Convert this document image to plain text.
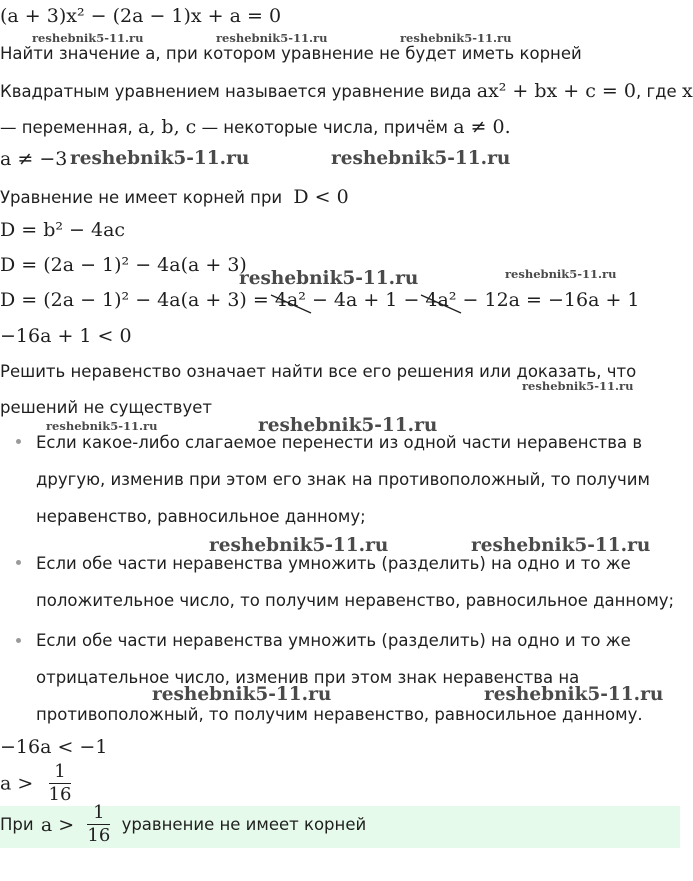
(a + 3)x² − (2a − 1)x + a = 0
Найти значение a, при котором уравнение не будет иметь корней
Квадратным уравнением называется уравнение вида ax² + bx + c = 0, где x
— переменная, a, b, c — некоторые числа, причём a ≠ 0.
a ≠ −3
Уравнение не имеет корней при D < 0
D = b² − 4ac
D = (2a − 1)² − 4a(a + 3)
D = (2a − 1)² − 4a(a + 3) = 4a² − 4a + 1 − 4a² − 12a = −16a + 1
−16a + 1 < 0
Решить неравенство означает найти все его решения или доказать, что
решений не существует
Если какое-либо слагаемое перенести из одной части неравенства в другую, изменив при этом его знак на противоположный, то получим неравенство, равносильное данному;
Если обе части неравенства умножить (разделить) на одно и то же положительное число, то получим неравенство, равносильное данному;
Если обе части неравенства умножить (разделить) на одно и то же отрицательное число, изменив при этом знак неравенства на противоположный, то получим неравенство, равносильное данному.
−16a < −1
$a > \frac{1}{16}$
При $a > \frac{1}{16}$ уравнение не имеет корней
reshebnik5-11.ru	reshebnik5-11.ru	reshebnik5-11.ru
reshebnik5-11.ru	reshebnik5-11.ru
reshebnik5-11.ru	reshebnik5-11.ru
reshebnik5-11.ru
reshebnik5-11.ru	reshebnik5-11.ru
reshebnik5-11.ru	reshebnik5-11.ru
reshebnik5-11.ru	reshebnik5-11.ru
